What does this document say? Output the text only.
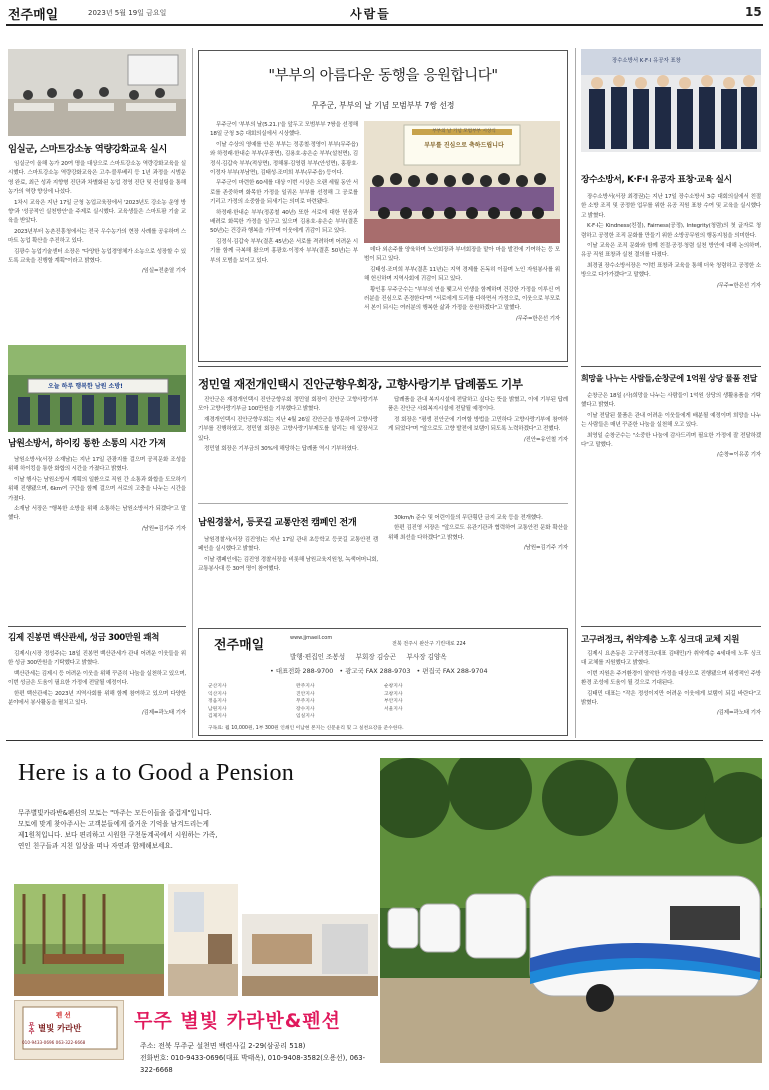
전주매일	2023년 5월 19일 금요일	사람들	15
임실군, 스마트강소농 역량강화교육 실시

임실군이 올해 농가 20여 명을 대상으로 스마트강소농 역량강화교육을 실시했다. 스마트강소농 역량강화교육은 고추·블루베리 등 1년 과정을 시범운영 완료, 최근 성과 지향형 진단과 차별화된 농업 경영 진단 및 컨설팅을 통해 농가의 역량 향상에 나섰다.

1차시 교육은 지난 17일 군청 농업교육장에서 '2023년도 강소농 운영 방향'과 '성공적인 실천방안'을 주제로 실시했다. 교육생들은 스마트팜 기술 교육을 받았다.

2023년부터 농촌진흥청에서는 전국 우수농가의 현장 사례를 공유하며 스마트 농업 확산을 추진하고 있다.

김광수 농업기술센터 소장은 "다양한 농업경영체가 소농으로 성장할 수 있도록 교육을 진행할 계획"이라고 밝혔다.

/임실=전춘열 기자
오늘 하루 행복한 남원 소방!
남원소방서, 하이킹 통한 소통의 시간 가져

남원소방서(서장 소재남)는 지난 17일 관광지를 걸으며 공직문화 조성을 위해 하이킹을 통한 화합의 시간을 가졌다고 밝혔다.

이날 행사는 남원소방서 계획의 일환으로 직원 간 소통과 화합을 도모하기 위해 진행됐으며, 6km여 구간을 함께 걸으며 서로의 고충을 나누는 시간을 가졌다.

소재남 서장은 "행복한 소방을 위해 소통하는 남원소방서가 되겠다"고 말했다.

/남원=김기주 기자
김제 진봉면 백산관세, 성금 300만원 쾌척

김제시(시장 정성주)는 18일 진봉면 백산관세가 관내 어려운 이웃들을 위한 성금 300만원을 기탁했다고 밝혔다.

백산관세는 김제시 등 어려운 이웃을 위해 꾸준히 나눔을 실천하고 있으며, 이번 성금은 도움이 필요한 가정에 전달될 예정이다.

한편 백산관세는 2023년 지역사회를 위해 함께 참여하고 있으며 다양한 분야에서 봉사활동을 펼치고 있다.

/김제=곽노태 기자
"부부의 아름다운 동행을 응원합니다"
무주군, 부부의 날 기념 모범부부 7쌍 선정

무주군이 '부부의 날(5.21.)'을 앞두고 모범부부 7쌍을 선정해 18일 군청 3층 대회의실에서 시상했다.

이날 수상의 영예를 안은 부부는 정종철·정영이 부부(무주읍)와 하정래·한내순 부부(무풍면), 김용호·송은순 부부(설천면), 김정식·김갑숙 부부(적상면), 정해룡·김영림 부부(안성면), 홍광호·이정자 부부(부남면), 김태성·조미희 부부(무주읍) 등이다.

무주군이 마련한 60세를 대상 이번 시상은 오랜 세월 동안 서로를 존중하며 화목한 가정을 일궈온 부부를 선정해 그 공로를 기리고 가정의 소중함을 되새기는 의미로 마련됐다.

하정래·한내순 부부(정종철 40년) 또한 서로에 대한 믿음과 배려로 화목한 가정을 일구고 있으며 김용호·송은순 부부(결혼 50년)는 건강과 행복을 가꾸며 이웃에게 귀감이 되고 있다.

김정식·김갑숙 부부(결혼 45년)은 서로를 격려하며 어려운 시기를 함께 극복해 왔으며 홍광호·이정자 부부(결혼 50년)는 부부의 모범을 보이고 있다.

부부의 날 기념 모범부부 시상식
부부를 진심으로 축하드립니다

데다 외손주를 양육하며 노인회장과 부녀회장을 맡아 마을 발전에 기여하는 등 모범이 되고 있다.

김태성·조미희 부부(결혼 11년)는 지역 경제를 돈독히 이끌며 노인 자원봉사를 위해 헌신하며 지역사회에 귀감이 되고 있다.

황인홍 무주군수는 "부부의 연을 맺고서 인생을 함께하며 건강한 가정을 이루신 여러분을 진심으로 존경한다"며 "서로에게 도리를 다하면서 가정으로, 이웃으로 부모로서 본이 되시는 여러분의 행복한 삶과 가정을 응원하겠다"고 말했다.

/무주=한은선 기자
장수소방서 K·F·I 유공자 표창
장수소방서, K·F·I 유공자 표창·교육 실시

장수소방서(서장 최경권)는 지난 17일 장수소방서 3층 대회의실에서 친절한 소방 조직 및 공정한 업무를 위한 유공 직원 표창 수여 및 교육을 실시했다고 밝혔다.

K·F·I는 Kindness(친절), Fairness(공정), Integrity(청렴)의 첫 글자로 청렴하고 공정한 조직 문화를 만들기 위한 소방공무원의 행동지침을 의미한다.

이날 교육은 조직 문화와 함께 친절·공정·청렴 실천 방안에 대해 논의하며, 유공 직원 표창과 실천 결의를 다졌다.

최경권 장수소방서장은 "이번 표창과 교육을 통해 더욱 청렴하고 공정한 소방으로 다가가겠다"고 말했다.

/무주=한은선 기자
정민열 재전개인택시 진안군향우회장, 고향사랑기부 답례품도 기부

진안군은 재경개인택시 진안군향우회 정민열 회장이 진안군 고향사랑기부 모아 고향사랑기부금 100만원을 기부했다고 밝혔다.

재경개인택시 진안군향우회는 지난 4월 26일 진안군을 방문하여 고향사랑기부를 진행하였고, 정민열 회장은 고향사랑기부제도를 알리는 데 앞장서고 있다.

정민열 회장은 기부금의 30%에 해당하는 답례품 역시 기부하였다.

답례품을 관내 복지시설에 전달하고 싶다는 뜻을 밝혔고, 이에 기부된 답례품은 진안군 사회복지시설에 전달될 예정이다.

정 회장은 "평생 진안군에 기여할 방법을 고민하다 고향사랑기부에 참여하게 되었다"며 "앞으로도 고향 발전에 보탬이 되도록 노력하겠다"고 전했다.

/진안=유인철 기자
남원경찰서, 등굣길 교통안전 캠페인 전개

남원경찰서(서장 김진영)는 지난 17일 관내 초등학교 등굣길 교통안전 캠페인을 실시했다고 밝혔다.

이날 캠페인에는 김진영 경찰서장을 비롯해 남원교육지원청, 녹색어머니회, 교통봉사대 등 30여 명이 참여했다.

30km/h 준수 및 어린이들의 무단횡단 금지 교육 등을 전개했다.

한편 김진영 서장은 "앞으로도 유관기관과 협력하여 교통안전 문화 확산을 위해 최선을 다하겠다"고 밝혔다.

/남원=김기주 기자
전주매일	www.jjmaeil.com
전북 전주시 완산구 기린대로 224
발행·편집인 조봉성 부회장 김승곤 부사장 김양옥
• 대표전화 288-9700   • 광고국 FAX 288-9703   • 편집국 FAX 288-9704
군산지사
익산지사
정읍지사
남원지사
김제지사
완주지사
진안지사
무주지사
장수지사
임실지사
순창지사
고창지사
부안지사
서울지사
구독료: 월 10,000원, 1부 300원 인쇄인 이남현 본지는 신문윤리 및 그 실천요강을 준수한다.
희망을 나누는 사람들,순창군에 1억원 상당 물품 전달

순창군은 18일 (사)희망을 나누는 사람들이 1억원 상당의 생활용품을 기탁했다고 밝혔다.

이날 전달된 물품은 관내 어려운 이웃들에게 배분될 예정이며 희망을 나누는 사람들은 매년 꾸준한 나눔을 실천해 오고 있다.

최영일 순창군수는 "소중한 나눔에 감사드리며 필요한 가정에 잘 전달하겠다"고 말했다.

/순창=이유종 기자
고구려정크, 취약계층 노후 싱크대 교체 지원

김제시 요촌동은 고구려정크(대표 김태민)가 취약계층 4세대에 노후 싱크대 교체를 지원했다고 밝혔다.

이번 지원은 주거환경이 열악한 가정을 대상으로 진행됐으며 위생적인 주방환경 조성에 도움이 될 것으로 기대된다.

김태민 대표는 "작은 정성이지만 어려운 이웃에게 보탬이 되길 바란다"고 밝혔다.

/김제=곽노태 기자
Here is a to Good a Pension
무주별빛카라반&펜션의 모토는 "마주는 모든이들을 즐겁게"입니다.
모토에 맞게 찾아주시는 고객분들에게 즐거운 기억을 남겨드리는게
제1원칙입니다. 보다 편리하고 시원한 구천동계곡에서 시원하는 가족,
연인 친구들과 지친 일상을 떠나 자연과 함께해보세요.
펜 션
무주 별빛 카라반
010-9433-0696 063-322-6668
무주 별빛 카라반&펜션
주소: 전북 무주군 설천면 백련사길 2-29(삼공리 518)
전화번호: 010-9433-0696(대표 박태옥), 010-9408-3582(오용선), 063-322-6668
